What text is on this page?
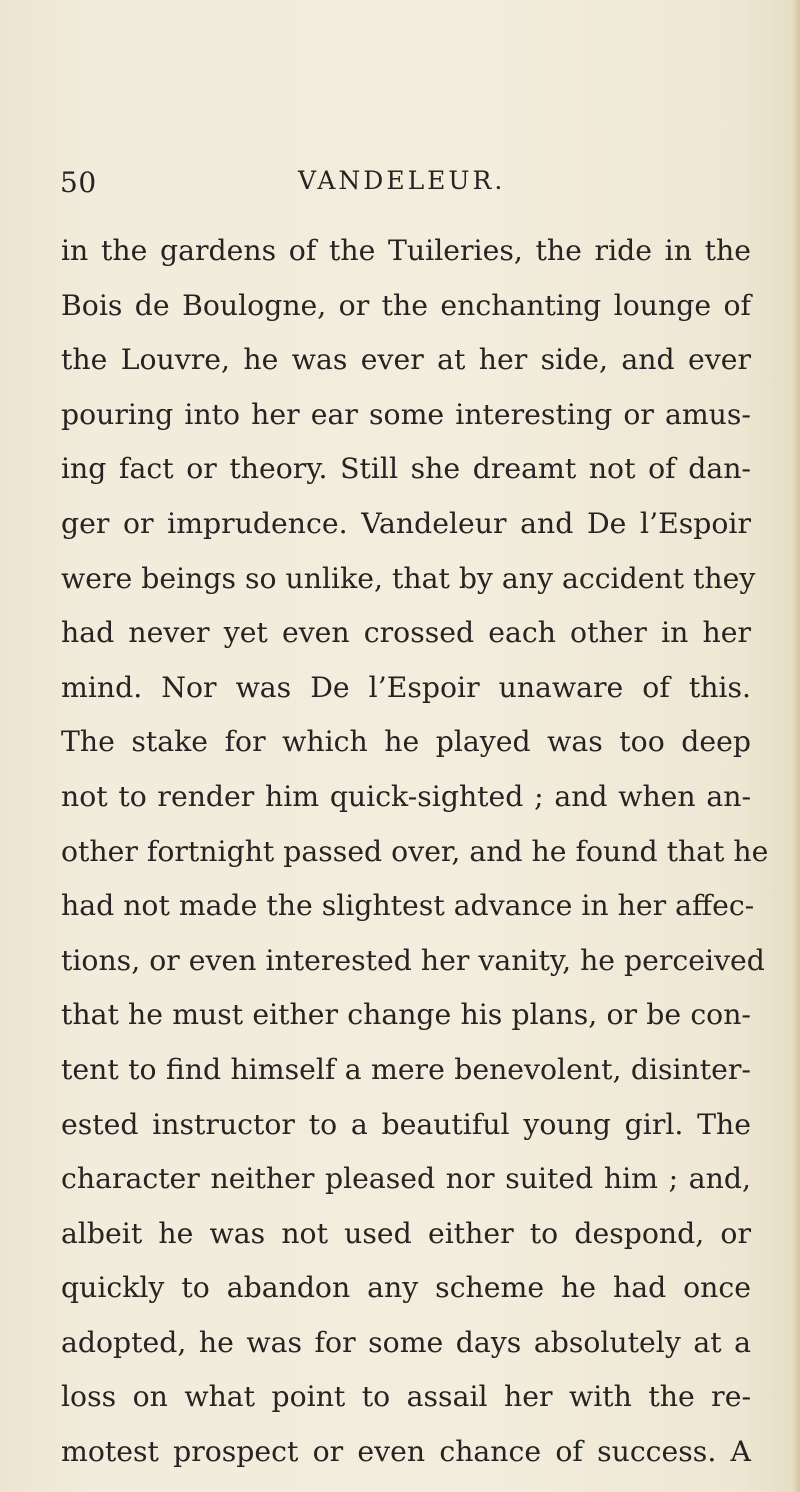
50	VANDELEUR.
in the gardens of the Tuileries, the ride in the
Bois de Boulogne, or the enchanting lounge of
the Louvre, he was ever at her side, and ever
pouring into her ear some interesting or amus-
ing fact or theory. Still she dreamt not of dan-
ger or imprudence. Vandeleur and De l’Espoir
were beings so unlike, that by any accident they
had never yet even crossed each other in her
mind. Nor was De l’Espoir unaware of this.
The stake for which he played was too deep
not to render him quick-sighted ; and when an-
other fortnight passed over, and he found that he
had not made the slightest advance in her affec-
tions, or even interested her vanity, he perceived
that he must either change his plans, or be con-
tent to find himself a mere benevolent, disinter-
ested instructor to a beautiful young girl. The
character neither pleased nor suited him ; and,
albeit he was not used either to despond, or
quickly to abandon any scheme he had once
adopted, he was for some days absolutely at a
loss on what point to assail her with the re-
motest prospect or even chance of success. A
